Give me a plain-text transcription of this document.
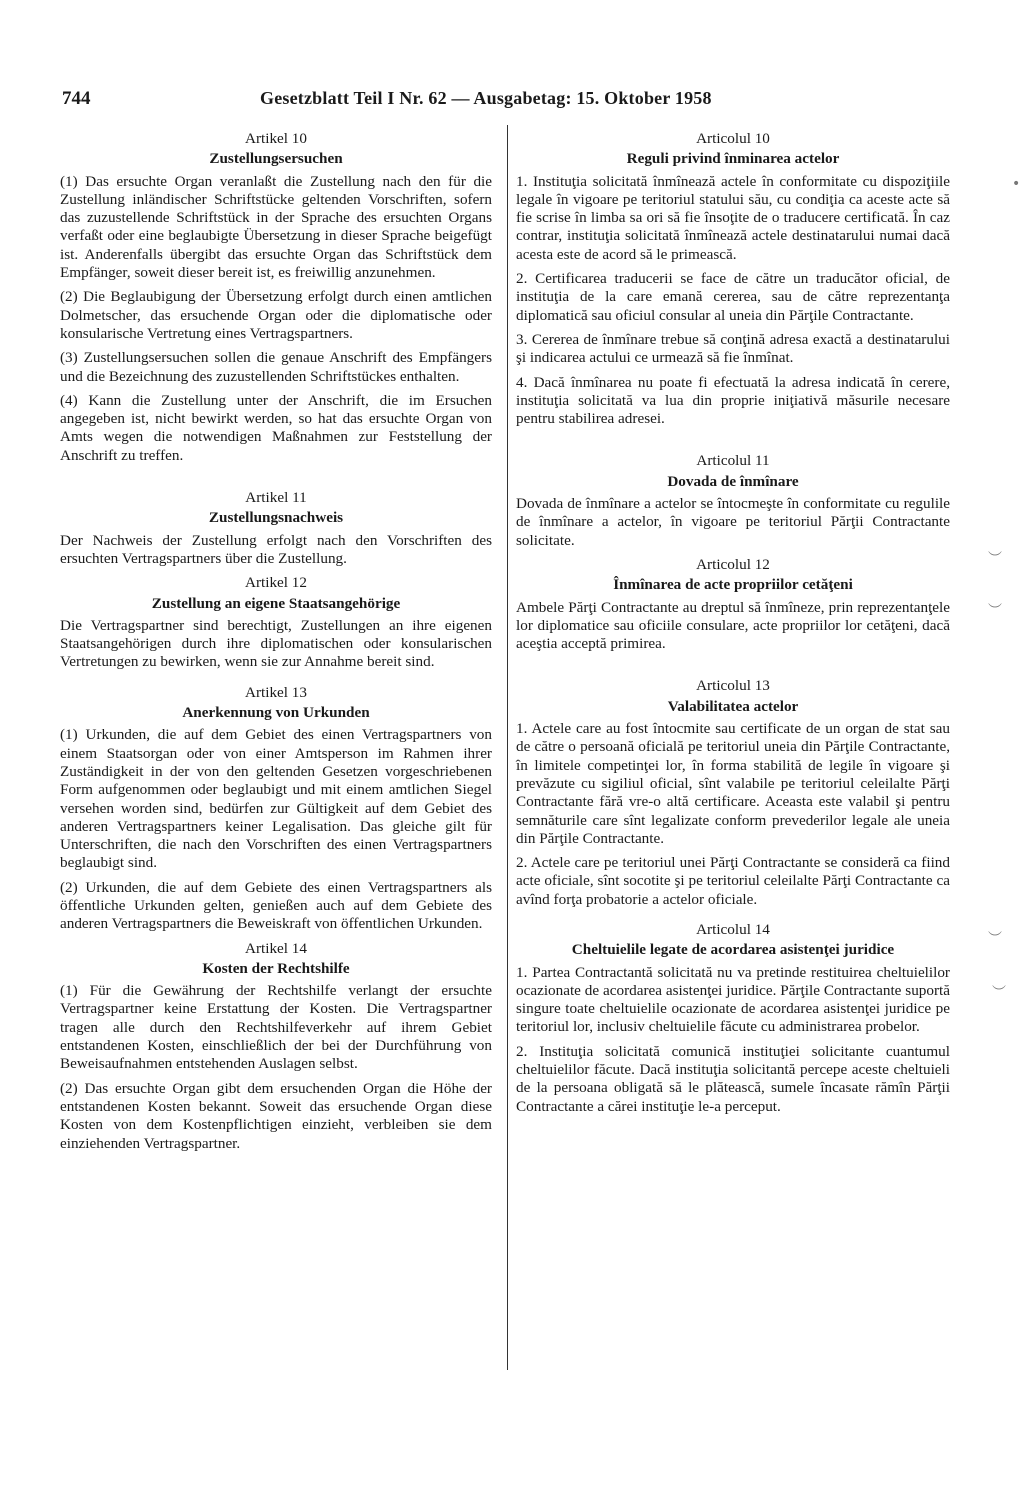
744	Gesetzblatt Teil I Nr. 62 — Ausgabetag: 15. Oktober 1958

Artikel 10

Zustellungsersuchen

(1) Das ersuchte Organ veranlaßt die Zustellung nach den für die Zustellung inländischer Schriftstücke geltenden Vorschriften, sofern das zuzustellende Schriftstück in der Sprache des ersuchten Organs verfaßt oder eine beglaubigte Übersetzung in dieser Sprache beigefügt ist. Anderenfalls übergibt das ersuchte Organ das Schriftstück dem Empfänger, soweit dieser bereit ist, es freiwillig anzunehmen.

(2) Die Beglaubigung der Übersetzung erfolgt durch einen amtlichen Dolmetscher, das ersuchende Organ oder die diplomatische oder konsularische Vertretung eines Vertragspartners.

(3) Zustellungsersuchen sollen die genaue Anschrift des Empfängers und die Bezeichnung des zuzustellenden Schriftstückes enthalten.

(4) Kann die Zustellung unter der Anschrift, die im Ersuchen angegeben ist, nicht bewirkt werden, so hat das ersuchte Organ von Amts wegen die notwendigen Maßnahmen zur Feststellung der Anschrift zu treffen.

Artikel 11

Zustellungsnachweis

Der Nachweis der Zustellung erfolgt nach den Vorschriften des ersuchten Vertragspartners über die Zustellung.

Artikel 12

Zustellung an eigene Staatsangehörige

Die Vertragspartner sind berechtigt, Zustellungen an ihre eigenen Staatsangehörigen durch ihre diplomatischen oder konsularischen Vertretungen zu bewirken, wenn sie zur Annahme bereit sind.

Artikel 13

Anerkennung von Urkunden

(1) Urkunden, die auf dem Gebiet des einen Vertragspartners von einem Staatsorgan oder von einer Amtsperson im Rahmen ihrer Zuständigkeit in der von den geltenden Gesetzen vorgeschriebenen Form aufgenommen oder beglaubigt und mit einem amtlichen Siegel versehen worden sind, bedürfen zur Gültigkeit auf dem Gebiet des anderen Vertragspartners keiner Legalisation. Das gleiche gilt für Unterschriften, die nach den Vorschriften des einen Vertragspartners beglaubigt sind.

(2) Urkunden, die auf dem Gebiete des einen Vertragspartners als öffentliche Urkunden gelten, genießen auch auf dem Gebiete des anderen Vertragspartners die Beweiskraft von öffentlichen Urkunden.

Artikel 14

Kosten der Rechtshilfe

(1) Für die Gewährung der Rechtshilfe verlangt der ersuchte Vertragspartner keine Erstattung der Kosten. Die Vertragspartner tragen alle durch den Rechtshilfeverkehr auf ihrem Gebiet entstandenen Kosten, einschließlich der bei der Durchführung von Beweisaufnahmen entstehenden Auslagen selbst.

(2) Das ersuchte Organ gibt dem ersuchenden Organ die Höhe der entstandenen Kosten bekannt. Soweit das ersuchende Organ diese Kosten von dem Kostenpflichtigen einzieht, verbleiben sie dem einziehenden Vertragspartner.

Articolul 10

Reguli privind înminarea actelor

1. Instituţia solicitată înmînează actele în conformitate cu dispoziţiile legale în vigoare pe teritoriul statului său, cu condiţia ca aceste acte să fie scrise în limba sa ori să fie însoţite de o traducere certificată. În caz contrar, instituţia solicitată înmînează actele destinatarului numai dacă acesta este de acord să le primească.

2. Certificarea traducerii se face de către un traducător oficial, de instituţia de la care emană cererea, sau de către reprezentanţa diplomatică sau oficiul consular al uneia din Părţile Contractante.

3. Cererea de înmînare trebue să conţină adresa exactă a destinatarului şi indicarea actului ce urmează să fie înmînat.

4. Dacă înmînarea nu poate fi efectuată la adresa indicată în cerere, instituţia solicitată va lua din proprie iniţiativă măsurile necesare pentru stabilirea adresei.

Articolul 11

Dovada de înmînare

Dovada de înmînare a actelor se întocmeşte în conformitate cu regulile de înmînare a actelor, în vigoare pe teritoriul Părţii Contractante solicitate.

Articolul 12

Înmînarea de acte propriilor cetăţeni

Ambele Părţi Contractante au dreptul să înmîneze, prin reprezentanţele lor diplomatice sau oficiile consulare, acte propriilor lor cetăţeni, dacă aceştia acceptă primirea.

Articolul 13

Valabilitatea actelor

1. Actele care au fost întocmite sau certificate de un organ de stat sau de către o persoană oficială pe teritoriul uneia din Părţile Contractante, în limitele competinţei lor, în forma stabilită de legile în vigoare şi prevăzute cu sigiliul oficial, sînt valabile pe teritoriul celeilalte Părţi Contractante fără vre-o altă certificare. Aceasta este valabil şi pentru semnăturile care sînt legalizate conform prevederilor legale ale uneia din Părţile Contractante.

2. Actele care pe teritoriul unei Părţi Contractante se consideră ca fiind acte oficiale, sînt socotite şi pe teritoriul celeilalte Părţi Contractante ca avînd forţa probatorie a actelor oficiale.

Articolul 14

Cheltuielile legate de acordarea asistenţei juridice

1. Partea Contractantă solicitată nu va pretinde restituirea cheltuielilor ocazionate de acordarea asistenţei juridice. Părţile Contractante suportă singure toate cheltuielile ocazionate de acordarea asistenţei juridice pe teritoriul lor, inclusiv cheltuielile făcute cu administrarea probelor.

2. Instituţia solicitată comunică instituţiei solicitante cuantumul cheltuielilor făcute. Dacă instituţia solicitantă percepe aceste cheltuieli de la persoana obligată să le plătească, sumele încasate rămîn Părţii Contractante a cărei instituţie le-a perceput.

•
︶
︶
︶
︶
